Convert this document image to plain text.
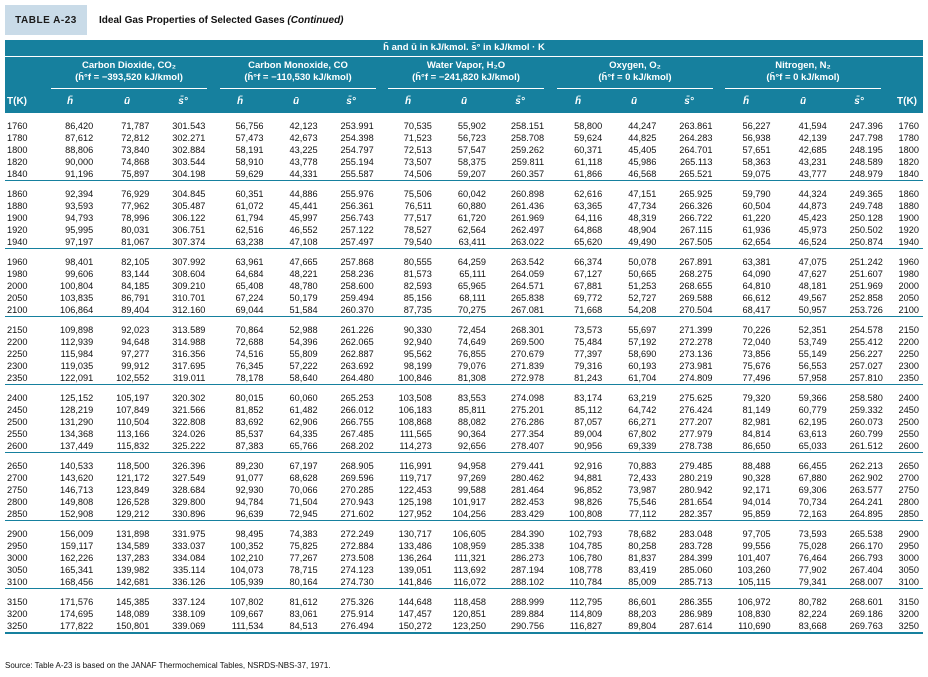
TABLE A-23	Ideal Gas Properties of Selected Gases (Continued)
h̄ and ū in kJ/kmol. s̄° in kJ/kmol · K
Carbon Dioxide, CO₂
(h̄°f = −393,520 kJ/kmol)
Carbon Monoxide, CO
(h̄°f = −110,530 kJ/kmol)
Water Vapor, H₂O
(h̄°f = −241,820 kJ/kmol)
Oxygen, O₂
(h̄°f = 0 kJ/kmol)
Nitrogen, N₂
(h̄°f = 0 kJ/kmol)
T(K)	h̄	ū	s̄°	h̄	ū	s̄°	h̄	ū	s̄°	h̄	ū	s̄°	h̄	ū	s̄°	T(K)

1760	86,420	71,787	301.543	56,756	42,123	253.991	70,535	55,902	258.151	58,800	44,247	263.861	56,227	41,594	247.396	1760
1780	87,612	72,812	302.271	57,473	42,673	254.398	71,523	56,723	258.708	59,624	44,825	264.283	56,938	42,139	247.798	1780
1800	88,806	73,840	302.884	58,191	43,225	254.797	72,513	57,547	259.262	60,371	45,405	264.701	57,651	42,685	248.195	1800
1820	90,000	74,868	303.544	58,910	43,778	255.194	73,507	58,375	259.811	61,118	45,986	265.113	58,363	43,231	248.589	1820
1840	91,196	75,897	304.198	59,629	44,331	255.587	74,506	59,207	260.357	61,866	46,568	265.521	59,075	43,777	248.979	1840

1860	92,394	76,929	304.845	60,351	44,886	255.976	75,506	60,042	260.898	62,616	47,151	265.925	59,790	44,324	249.365	1860
1880	93,593	77,962	305.487	61,072	45,441	256.361	76,511	60,880	261.436	63,365	47,734	266.326	60,504	44,873	249.748	1880
1900	94,793	78,996	306.122	61,794	45,997	256.743	77,517	61,720	261.969	64,116	48,319	266.722	61,220	45,423	250.128	1900
1920	95,995	80,031	306.751	62,516	46,552	257.122	78,527	62,564	262.497	64,868	48,904	267.115	61,936	45,973	250.502	1920
1940	97,197	81,067	307.374	63,238	47,108	257.497	79,540	63,411	263.022	65,620	49,490	267.505	62,654	46,524	250.874	1940

1960	98,401	82,105	307.992	63,961	47,665	257.868	80,555	64,259	263.542	66,374	50,078	267.891	63,381	47,075	251.242	1960
1980	99,606	83,144	308.604	64,684	48,221	258.236	81,573	65,111	264.059	67,127	50,665	268.275	64,090	47,627	251.607	1980
2000	100,804	84,185	309.210	65,408	48,780	258.600	82,593	65,965	264.571	67,881	51,253	268.655	64,810	48,181	251.969	2000
2050	103,835	86,791	310.701	67,224	50,179	259.494	85,156	68,111	265.838	69,772	52,727	269.588	66,612	49,567	252.858	2050
2100	106,864	89,404	312.160	69,044	51,584	260.370	87,735	70,275	267.081	71,668	54,208	270.504	68,417	50,957	253.726	2100

2150	109,898	92,023	313.589	70,864	52,988	261.226	90,330	72,454	268.301	73,573	55,697	271.399	70,226	52,351	254.578	2150
2200	112,939	94,648	314.988	72,688	54,396	262.065	92,940	74,649	269.500	75,484	57,192	272.278	72,040	53,749	255.412	2200
2250	115,984	97,277	316.356	74,516	55,809	262.887	95,562	76,855	270.679	77,397	58,690	273.136	73,856	55,149	256.227	2250
2300	119,035	99,912	317.695	76,345	57,222	263.692	98,199	79,076	271.839	79,316	60,193	273.981	75,676	56,553	257.027	2300
2350	122,091	102,552	319.011	78,178	58,640	264.480	100,846	81,308	272.978	81,243	61,704	274.809	77,496	57,958	257.810	2350

2400	125,152	105,197	320.302	80,015	60,060	265.253	103,508	83,553	274.098	83,174	63,219	275.625	79,320	59,366	258.580	2400
2450	128,219	107,849	321.566	81,852	61,482	266.012	106,183	85,811	275.201	85,112	64,742	276.424	81,149	60,779	259.332	2450
2500	131,290	110,504	322.808	83,692	62,906	266.755	108,868	88,082	276.286	87,057	66,271	277.207	82,981	62,195	260.073	2500
2550	134,368	113,166	324.026	85,537	64,335	267.485	111,565	90,364	277.354	89,004	67,802	277.979	84,814	63,613	260.799	2550
2600	137,449	115,832	325.222	87,383	65,766	268.202	114,273	92,656	278.407	90,956	69,339	278.738	86,650	65,033	261.512	2600

2650	140,533	118,500	326.396	89,230	67,197	268.905	116,991	94,958	279.441	92,916	70,883	279.485	88,488	66,455	262.213	2650
2700	143,620	121,172	327.549	91,077	68,628	269.596	119,717	97,269	280.462	94,881	72,433	280.219	90,328	67,880	262.902	2700
2750	146,713	123,849	328.684	92,930	70,066	270.285	122,453	99,588	281.464	96,852	73,987	280.942	92,171	69,306	263.577	2750
2800	149,808	126,528	329.800	94,784	71,504	270.943	125,198	101,917	282.453	98,826	75,546	281.654	94,014	70,734	264.241	2800
2850	152,908	129,212	330.896	96,639	72,945	271.602	127,952	104,256	283.429	100,808	77,112	282.357	95,859	72,163	264.895	2850

2900	156,009	131,898	331.975	98,495	74,383	272.249	130,717	106,605	284.390	102,793	78,682	283.048	97,705	73,593	265.538	2900
2950	159,117	134,589	333.037	100,352	75,825	272.884	133,486	108,959	285.338	104,785	80,258	283.728	99,556	75,028	266.170	2950
3000	162,226	137,283	334.084	102,210	77,267	273.508	136,264	111,321	286.273	106,780	81,837	284.399	101,407	76,464	266.793	3000
3050	165,341	139,982	335.114	104,073	78,715	274.123	139,051	113,692	287.194	108,778	83,419	285.060	103,260	77,902	267.404	3050
3100	168,456	142,681	336.126	105,939	80,164	274.730	141,846	116,072	288.102	110,784	85,009	285.713	105,115	79,341	268.007	3100

3150	171,576	145,385	337.124	107,802	81,612	275.326	144,648	118,458	288.999	112,795	86,601	286.355	106,972	80,782	268.601	3150
3200	174,695	148,089	338.109	109,667	83,061	275.914	147,457	120,851	289.884	114,809	88,203	286.989	108,830	82,224	269.186	3200
3250	177,822	150,801	339.069	111,534	84,513	276.494	150,272	123,250	290.756	116,827	89,804	287.614	110,690	83,668	269.763	3250
Source: Table A-23 is based on the JANAF Thermochemical Tables, NSRDS-NBS-37, 1971.
